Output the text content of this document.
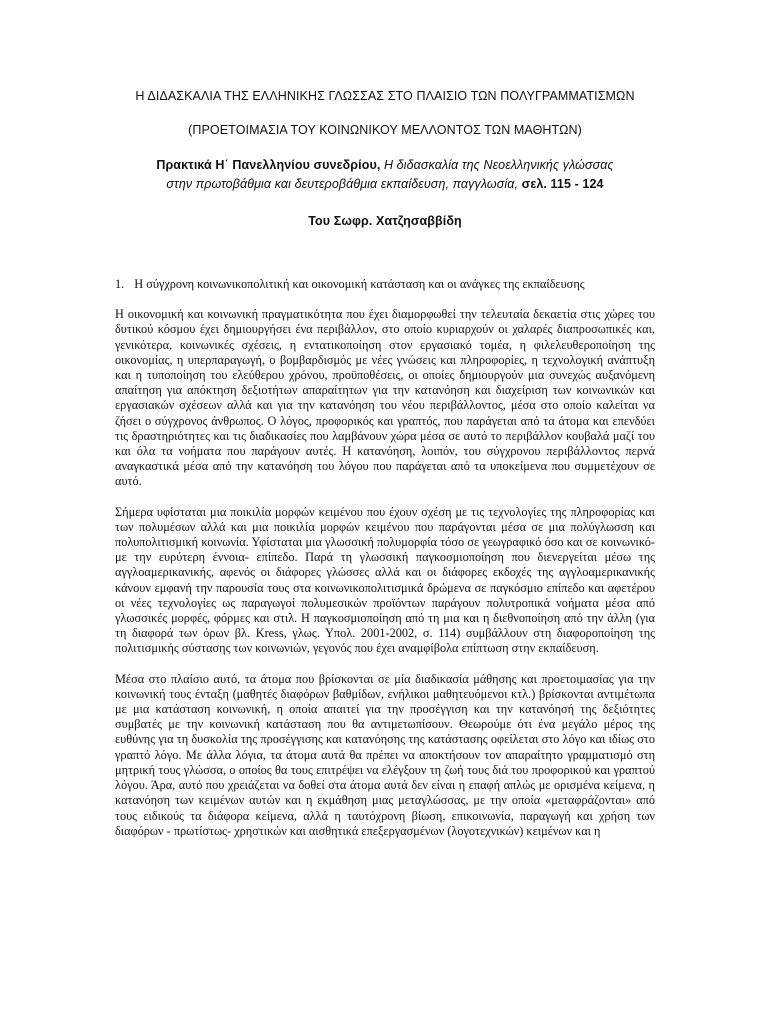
Η ΔΙΔΑΣΚΑΛΙΑ ΤΗΣ ΕΛΛΗΝΙΚΗΣ ΓΛΩΣΣΑΣ ΣΤΟ ΠΛΑΙΣΙΟ ΤΩΝ ΠΟΛΥΓΡΑΜΜΑΤΙΣΜΩΝ
(ΠΡΟΕΤΟΙΜΑΣΙΑ ΤΟΥ ΚΟΙΝΩΝΙΚΟΥ ΜΕΛΛΟΝΤΟΣ ΤΩΝ ΜΑΘΗΤΩΝ)
Πρακτικά Η΄ Πανελληνίου συνεδρίου, Η διδασκαλία της Νεοελληνικής γλώσσας
στην πρωτοβάθμια και δευτεροβάθμια εκπαίδευση, παγγλωσία, σελ. 115 - 124
Του Σωφρ. Χατζησαββίδη
1. Η σύγχρονη κοινωνικοπολιτική και οικονομική κατάσταση και οι ανάγκες της εκπαίδευσης

Η οικονομική και κοινωνική πραγματικότητα που έχει διαμορφωθεί την τελευταία δεκαετία στις χώρες του δυτικού κόσμου έχει δημιουργήσει ένα περιβάλλον, στο οποίο κυριαρχούν οι χαλαρές διαπροσωπικές και, γενικότερα, κοινωνικές σχέσεις, η εντατικοποίηση στον εργασιακό τομέα, η φιλελευθεροποίηση της οικονομίας, η υπερπαραγωγή, ο βομβαρδισμός με νέες γνώσεις και πληροφορίες, η τεχνολογική ανάπτυξη και η τυποποίηση του ελεύθερου χρόνου, προϋποθέσεις, οι οποίες δημιουργούν μια συνεχώς αυξανόμενη απαίτηση για απόκτηση δεξιοτήτων απαραίτητων για την κατανόηση και διαχείριση των κοινωνικών και εργασιακών σχέσεων αλλά και για την κατανόηση του νέου περιβάλλοντος, μέσα στο οποίο καλείται να ζήσει ο σύγχρονος άνθρωπος. Ο λόγος, προφορικός και γραπτός, που παράγεται από τα άτομα και επενδύει τις δραστηριότητες και τις διαδικασίες που λαμβάνουν χώρα μέσα σε αυτό το περιβάλλον κουβαλά μαζί του και όλα τα νοήματα που παράγουν αυτές. Η κατανόηση, λοιπόν, του σύγχρονου περιβάλλοντος περνά αναγκαστικά μέσα από την κατανόηση του λόγου που παράγεται από τα υποκείμενα που συμμετέχουν σε αυτό.

Σήμερα υφίσταται μια ποικιλία μορφών κειμένου που έχουν σχέση με τις τεχνολογίες της πληροφορίας και των πολυμέσων αλλά και μια ποικιλία μορφών κειμένου που παράγονται μέσα σε μια πολύγλωσση και πολυπολιτισμική κοινωνία. Υφίσταται μια γλωσσική πολυμορφία τόσο σε γεωγραφικό όσο και σε κοινωνικό-με την ευρύτερη έννοια- επίπεδο. Παρά τη γλωσσική παγκοσμιοποίηση που διενεργείται μέσω της αγγλοαμερικανικής, αφενός οι διάφορες γλώσσες αλλά και οι διάφορες εκδοχές της αγγλοαμερικανικής κάνουν εμφανή την παρουσία τους στα κοινωνικοπολιτισμικά δρώμενα σε παγκόσμιο επίπεδο και αφετέρου οι νέες τεχνολογίες ως παραγωγοί πολυμεσικών προϊόντων παράγουν πολυτροπικά νοήματα μέσα από γλωσσικές μορφές, φόρμες και στιλ. Η παγκοσμιοποίηση από τη μια και η διεθνοποίηση από την άλλη (για τη διαφορά των όρων βλ. Kress, γλως. Υπολ. 2001-2002, σ. 114) συμβάλλουν στη διαφοροποίηση της πολιτισμικής σύστασης των κοινωνιών, γεγονός που έχει αναμφίβολα επίπτωση στην εκπαίδευση.

Μέσα στο πλαίσιο αυτό, τα άτομα που βρίσκονται σε μία διαδικασία μάθησης και προετοιμασίας για την κοινωνική τους ένταξη (μαθητές διαφόρων βαθμίδων, ενήλικοι μαθητευόμενοι κτλ.) βρίσκονται αντιμέτωπα με μια κατάσταση κοινωνική, η οποία απαιτεί για την προσέγγιση και την κατανόησή της δεξιότητες συμβατές με την κοινωνική κατάσταση που θα αντιμετωπίσουν. Θεωρούμε ότι ένα μεγάλο μέρος της ευθύνης για τη δυσκολία της προσέγγισης και κατανόησης της κατάστασης οφείλεται στο λόγο και ιδίως στο γραπτό λόγο. Με άλλα λόγια, τα άτομα αυτά θα πρέπει να αποκτήσουν τον απαραίτητο γραμματισμό στη μητρική τους γλώσσα, ο οποίος θα τους επιτρέψει να ελέγξουν τη ζωή τους διά του προφορικού και γραπτού λόγου. Άρα, αυτό που χρειάζεται να δοθεί στα άτομα αυτά δεν είναι η επαφή απλώς με ορισμένα κείμενα, η κατανόηση των κειμένων αυτών και η εκμάθηση μιας μεταγλώσσας, με την οποία «μεταφράζονται» από τους ειδικούς τα διάφορα κείμενα, αλλά η ταυτόχρονη βίωση, επικοινωνία, παραγωγή και χρήση των διαφόρων - πρωτίστως- χρηστικών και αισθητικά επεξεργασμένων (λογοτεχνικών) κειμένων και η
